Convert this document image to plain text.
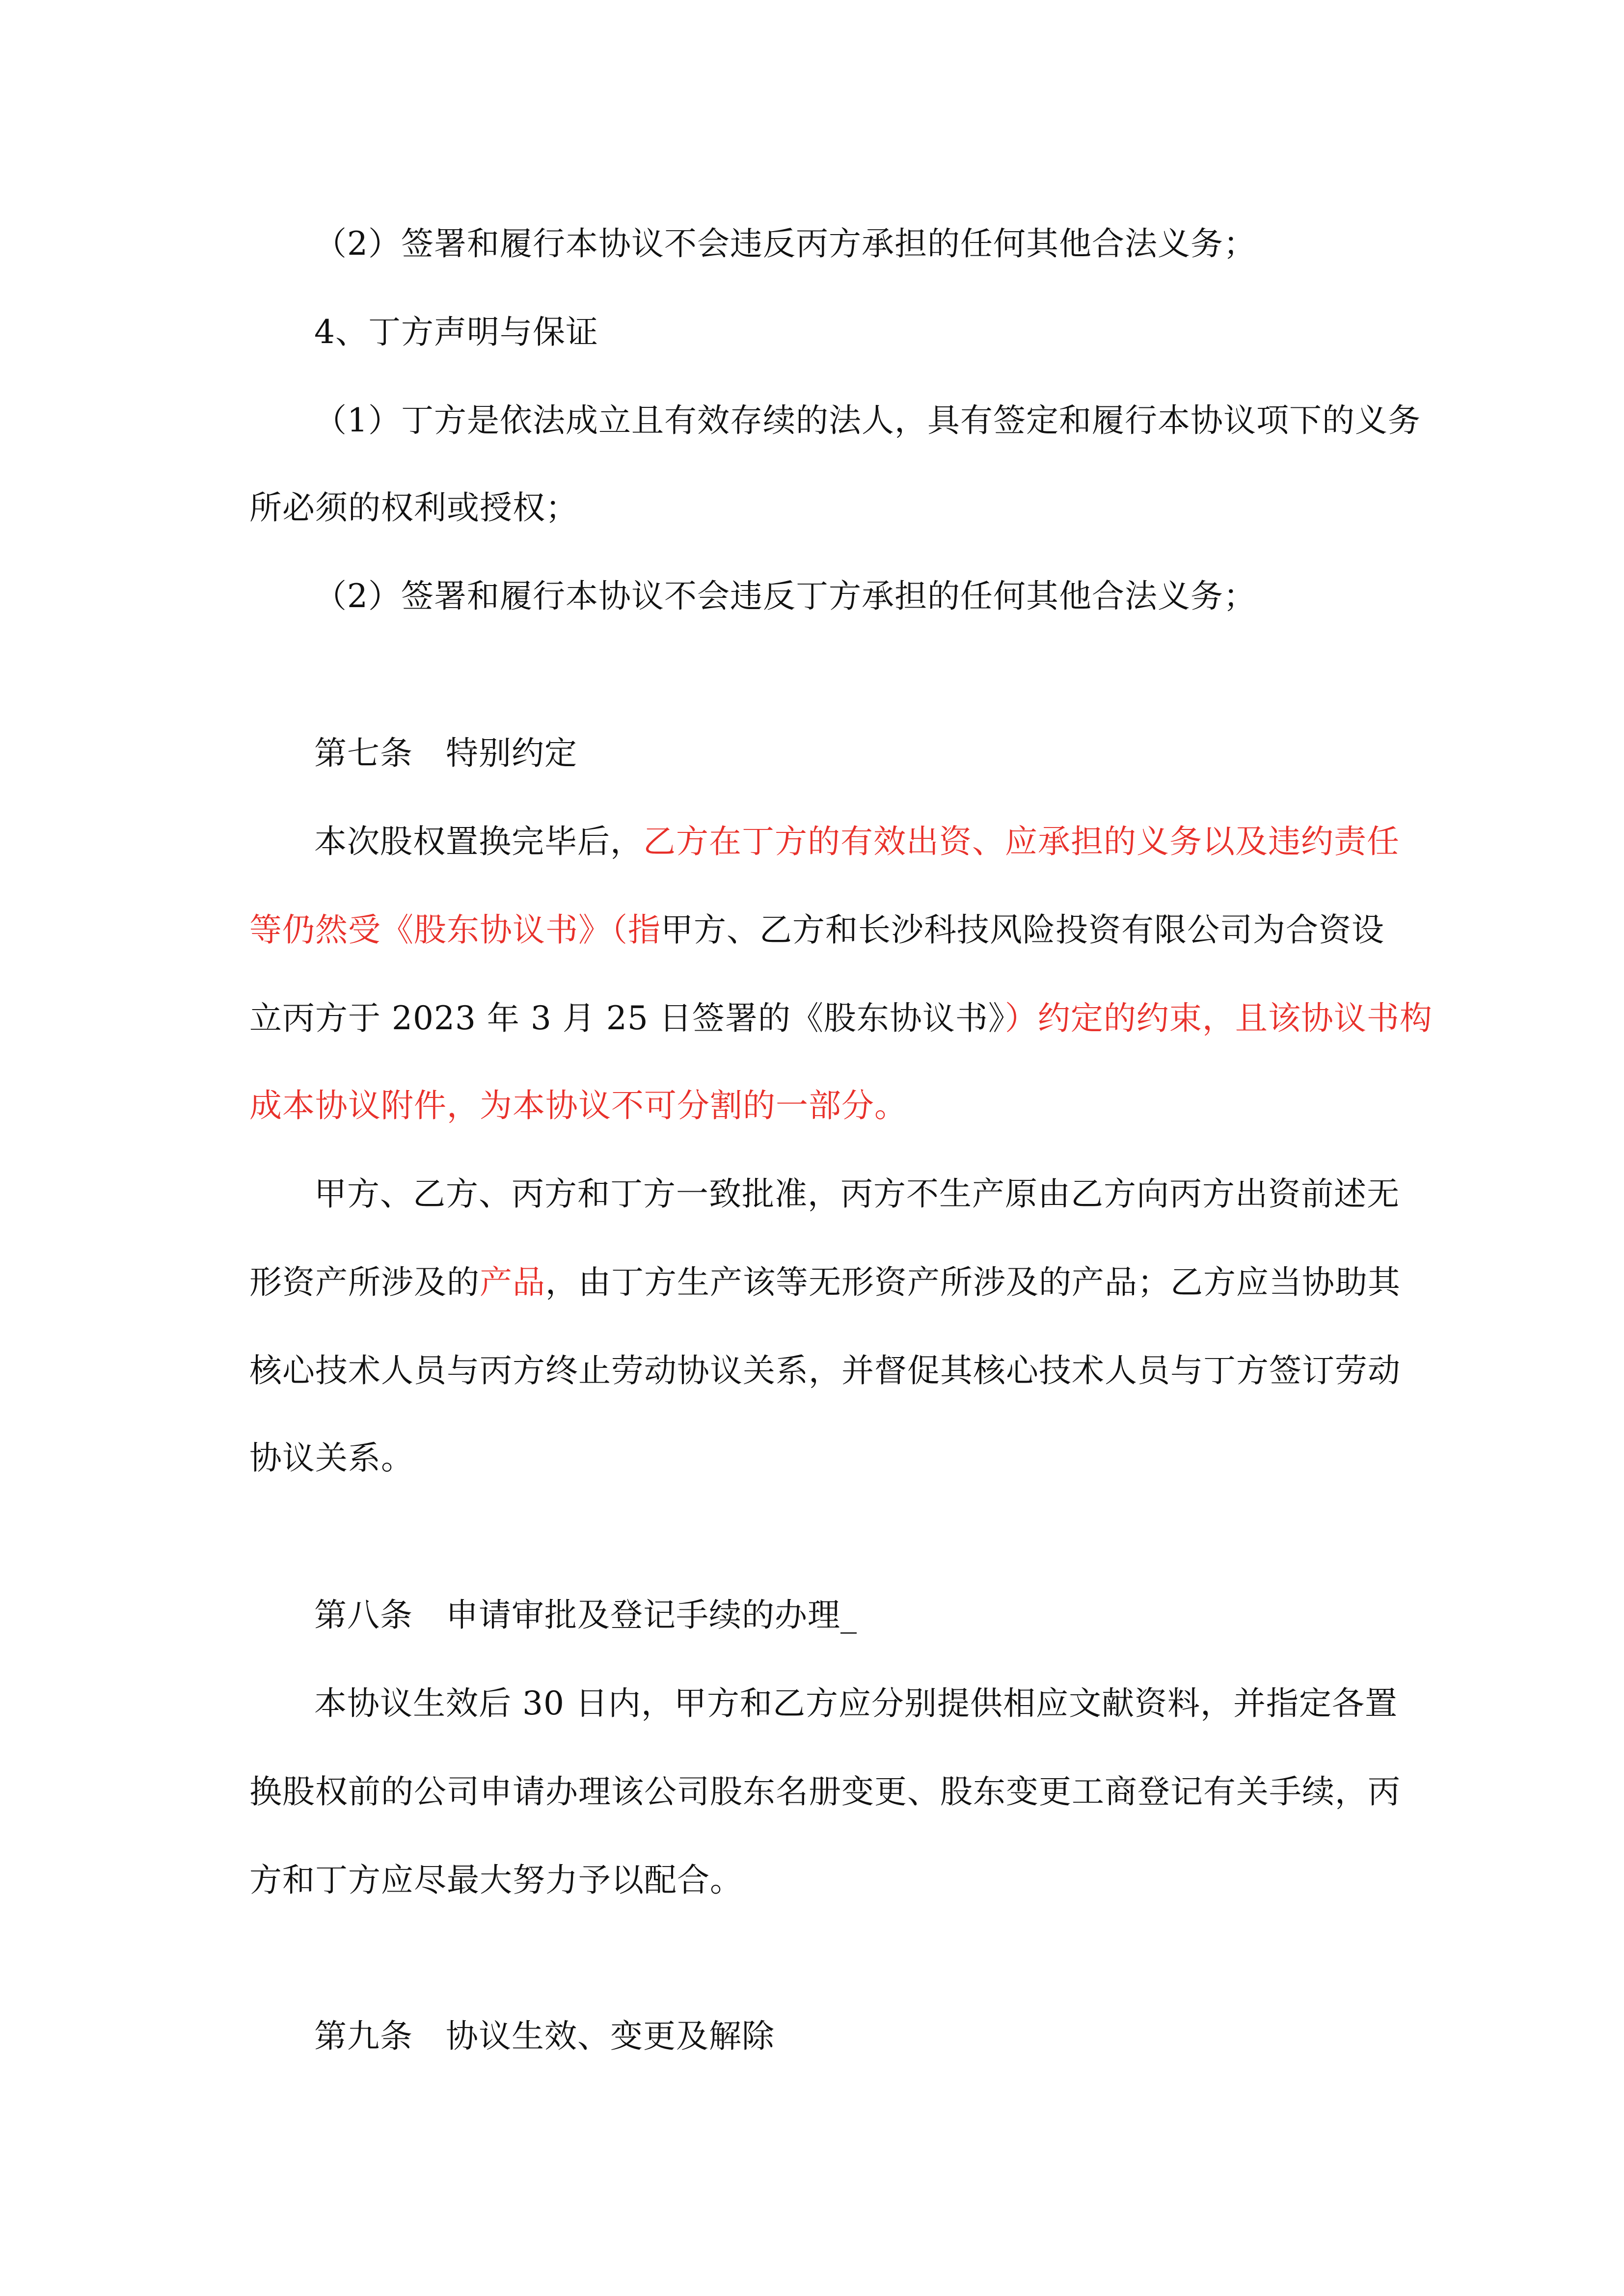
（2）签署和履行本协议不会违反丙方承担的任何其他合法义务；
4、丁方声明与保证
（1）丁方是依法成立且有效存续的法人，具有签定和履行本协议项下的义务
所必须的权利或授权；
（2）签署和履行本协议不会违反丁方承担的任何其他合法义务；
第七条　特别约定
本次股权置换完毕后，乙方在丁方的有效出资、应承担的义务以及违约责任
等仍然受《股东协议书》（指甲方、乙方和长沙科技风险投资有限公司为合资设
立丙方于 2023 年 3 月 25 日签署的《股东协议书》）约定的约束，且该协议书构
成本协议附件，为本协议不可分割的一部分。
甲方、乙方、丙方和丁方一致批准，丙方不生产原由乙方向丙方出资前述无
形资产所涉及的产品，由丁方生产该等无形资产所涉及的产品；乙方应当协助其
核心技术人员与丙方终止劳动协议关系，并督促其核心技术人员与丁方签订劳动
协议关系。
第八条　申请审批及登记手续的办理_
本协议生效后 30 日内，甲方和乙方应分别提供相应文献资料，并指定各置
换股权前的公司申请办理该公司股东名册变更、股东变更工商登记有关手续，丙
方和丁方应尽最大努力予以配合。
第九条　协议生效、变更及解除
